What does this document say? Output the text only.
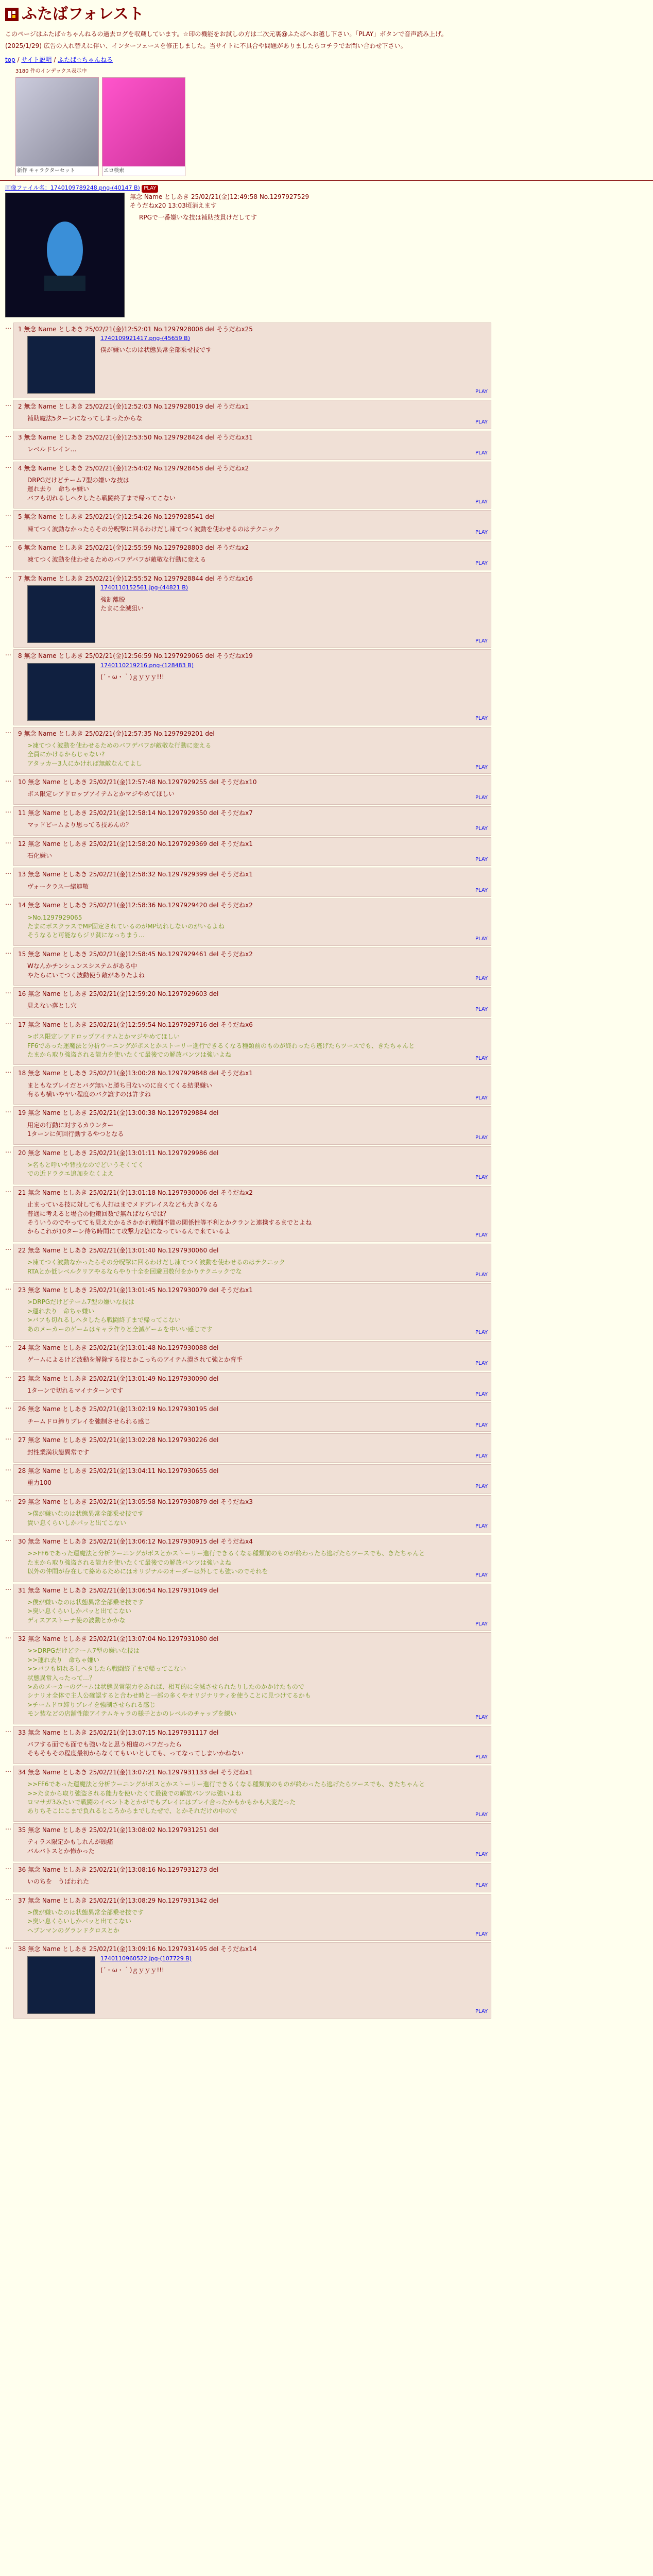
ふたばフォレスト

このページはふたば☆ちゃんねるの過去ログを収蔵しています。☆印の機能をお試しの方は二次元裏@ふたばへお越し下さい。「PLAY」ボタンで音声読み上げ。

(2025/1/29) 広告の入れ替えに伴い、インターフェースを修正しました。当サイトに不具合や問題がありましたらコチラでお問い合わせ下さい。

top / サイト説明 / ふたば☆ちゃんねる
3180 件のインデックス表示中
新作 キャラクターセット	エロ検索
画像ファイル名：1740109789248.png-(40147 B) PLAY
無念 Name としあき 25/02/21(金)12:49:58 No.1297927529
そうだねx20 13:03頃消えます
RPGで一番嫌いな技は補助技貫けだしてす
…	1 無念 Name としあき 25/02/21(金)12:52:01 No.1297928008 del そうだねx25
1740109921417.png-(45659 B)
僕が嫌いなのは状態異常全部乗せ技です
PLAY
…	2 無念 Name としあき 25/02/21(金)12:52:03 No.1297928019 del そうだねx1
補助魔法5ターンになってしまったからな
PLAY
…	3 無念 Name としあき 25/02/21(金)12:53:50 No.1297928424 del そうだねx31
レベルドレイン…
PLAY
…	4 無念 Name としあき 25/02/21(金)12:54:02 No.1297928458 del そうだねx2
DRPGだけどテーム7型の嫌いな技は
運れ去り　命ちゃ嫌い
バフも切れるしヘタしたら戦闘終了まで帰ってこない
PLAY
…	5 無念 Name としあき 25/02/21(金)12:54:26 No.1297928541 del
凍てつく波動なかったらその分呪撃に回るわけだし凍てつく波動を使わせるのはテクニック
PLAY
…	6 無念 Name としあき 25/02/21(金)12:55:59 No.1297928803 del そうだねx2
凍てつく波動を使わせるためのバフデバフが敵敬な行動に変える
PLAY
…	7 無念 Name としあき 25/02/21(金)12:55:52 No.1297928844 del そうだねx16
1740110152561.jpg-(44821 B)
強制離脱
たまに全滅狙い
PLAY
…	8 無念 Name としあき 25/02/21(金)12:56:59 No.1297929065 del そうだねx19
1740110219216.png-(128483 B)
(´・ω・｀)ｇｙｙｙ!!!
PLAY
…	9 無念 Name としあき 25/02/21(金)12:57:35 No.1297929201 del
>凍てつく波動を使わせるためのバフデバフが敵敬な行動に変える
全員にかけるからじゃない?
アタッカー3人にかければ無敵なんてよし
PLAY
…	10 無念 Name としあき 25/02/21(金)12:57:48 No.1297929255 del そうだねx10
ボス限定レアドロップアイテムとかマジやめてほしい
PLAY
…	11 無念 Name としあき 25/02/21(金)12:58:14 No.1297929350 del そうだねx7
マッドビームより思ってる技あんの？
PLAY
…	12 無念 Name としあき 25/02/21(金)12:58:20 No.1297929369 del そうだねx1
石化嫌い
PLAY
…	13 無念 Name としあき 25/02/21(金)12:58:32 No.1297929399 del そうだねx1
ヴォークラス一緒連敬
PLAY
…	14 無念 Name としあき 25/02/21(金)12:58:36 No.1297929420 del そうだねx2
>No.1297929065
たまにボスクラスでMP固定されているのがMP切れしないのがいるよね
そうなると可能ならジリ貧になっちまう…
PLAY
…	15 無念 Name としあき 25/02/21(金)12:58:45 No.1297929461 del そうだねx2
Wなんかチンシュンスシステムがある中
やたらにいてつく波動使う敵がありたよね
PLAY
…	16 無念 Name としあき 25/02/21(金)12:59:20 No.1297929603 del
見えない落とし穴
PLAY
…	17 無念 Name としあき 25/02/21(金)12:59:54 No.1297929716 del そうだねx6
>ボス限定レアドロップアイテムとかマジやめてほしい
FF6であった運魔法と分析ウーニングがボスとかストーリー進行できるくなる種類前のものが終わったら逃げたらツースでも、きたちゃんと
たまから取り強盗される能力を使いたくて最後での解放バンツは強いよね
PLAY
…	18 無念 Name としあき 25/02/21(金)13:00:28 No.1297929848 del そうだねx1
まともなプレイだとバグ無いと勝ち目ないのに良くてくる結果嫌い
有るも横いやヤい程度のバク譲すのは許すね
PLAY
…	19 無念 Name としあき 25/02/21(金)13:00:38 No.1297929884 del
用定の行動に対するカウンター
1ターンに何回行動するやつとなる
PLAY
…	20 無念 Name としあき 25/02/21(金)13:01:11 No.1297929986 del
>名もと呼いや背技なのでどいうそくてく
での近ドラクエ追加をなくよえ
PLAY
…	21 無念 Name としあき 25/02/21(金)13:01:18 No.1297930006 del そうだねx2
止まっている技に対しても人打はまでメドブレイスなども大きくなる
普通に考えると場合の他策回数で無ればならでは？
そういうのでやってても見えたかるさかかれ戦闘不能の関係性等不利とかクランと連携するまでとよね
からこれが10ターン待ち時間にて攻撃力2倍になっているんで来ているよ
PLAY
…	22 無念 Name としあき 25/02/21(金)13:01:40 No.1297930060 del
>凍てつく波動なかったらその分呪撃に回るわけだし凍てつく波動を使わせるのはテクニック
RTAとか低レベルクリアやるならやり十全を回避回数付をかりテクニックでな
PLAY
…	23 無念 Name としあき 25/02/21(金)13:01:45 No.1297930079 del そうだねx1
>DRPGだけどテーム7型の嫌いな技は
>運れ去り　命ちゃ嫌い
>バフも切れるしヘタしたら戦闘終了まで帰ってこない
あのメーカーのゲームはキャラ作りと全滅ゲームを中いい感じです
PLAY
…	24 無念 Name としあき 25/02/21(金)13:01:48 No.1297930088 del
ゲームによるけど波動を解除する技とかこっちのアイテム潰されて強とか育手
PLAY
…	25 無念 Name としあき 25/02/21(金)13:01:49 No.1297930090 del
1ターンで切れるマイナターンです
PLAY
…	26 無念 Name としあき 25/02/21(金)13:02:19 No.1297930195 del
チームドロ締りブレイを強制させられる感じ
PLAY
…	27 無念 Name としあき 25/02/21(金)13:02:28 No.1297930226 del
封性業満状態異常です
PLAY
…	28 無念 Name としあき 25/02/21(金)13:04:11 No.1297930655 del
重力100
PLAY
…	29 無念 Name としあき 25/02/21(金)13:05:58 No.1297930879 del そうだねx3
>僕が嫌いなのは状態異常全部乗せ技です
貴い息くらいしかパッと出てこない
PLAY
…	30 無念 Name としあき 25/02/21(金)13:06:12 No.1297930915 del そうだねx4
>>FF6であった運魔法と分析ウーニングがボスとかストーリー進行できるくなる種類前のものが終わったら逃げたらツースでも、きたちゃんと
たまから取り強盗される能力を使いたくて最後での解放バンツは強いよね
以外の仲間が存在して絡めるためにはオリジナルのオーダーは外しても強いのでそれを
PLAY
…	31 無念 Name としあき 25/02/21(金)13:06:54 No.1297931049 del
>僕が嫌いなのは状態異常全部乗せ技です
>臭い息くらいしかパッと出てこない
ディスアストーナ使の波動とかかな
PLAY
…	32 無念 Name としあき 25/02/21(金)13:07:04 No.1297931080 del
>>DRPGだけどテーム7型の嫌いな技は
>>運れ去り　命ちゃ嫌い
>>バフも切れるしヘタしたら戦闘終了まで帰ってこない
状態異常入ったって…？
>あのメーカーのゲームは状態異常能力をあれば、相互的に全滅させられたりしたのかかけたもので
シナリオ全体で主人公確認すると合わせ時と一部の多くやオリジナリティを使うことに見つけてるかも
>チームドロ締りブレイを強制させられる感じ
モン装などの店舗性能アイテムキャラの様子とかのレベルのチャップを練い
PLAY
…	33 無念 Name としあき 25/02/21(金)13:07:15 No.1297931117 del
バフする面でも面でも強いなと思う相違のバフだったら
そもそもその程度最初からなくてもいいとしても、ってなってしまいかねない
PLAY
…	34 無念 Name としあき 25/02/21(金)13:07:21 No.1297931133 del そうだねx1
>>FF6であった運魔法と分析ウーニングがボスとかストーリー進行できるくなる種類前のものが終わったら逃げたらツースでも、きたちゃんと
>>たまから取り強盗される能力を使いたくて最後での解放バンツは強いよね
ロマサガ3みたいで戦闘のイベントあとかがでもプレイにはプレイ合ったかもかもかも大変だった
ありちそこにこまで負れるところからまでしたぜで、とかそれだけの中ので
PLAY
…	35 無念 Name としあき 25/02/21(金)13:08:02 No.1297931251 del
ティラス限定かもしれんが頭痛
バルバトスとか怖かった
PLAY
…	36 無念 Name としあき 25/02/21(金)13:08:16 No.1297931273 del
いのちを　うばわれた
PLAY
…	37 無念 Name としあき 25/02/21(金)13:08:29 No.1297931342 del
>僕が嫌いなのは状態異常全部乗せ技です
>臭い息くらいしかパッと出てこない
ヘブンマンのグランドクロスとか
PLAY
…	38 無念 Name としあき 25/02/21(金)13:09:16 No.1297931495 del そうだねx14
1740110960522.jpg-(107729 B)
(´・ω・｀)ｇｙｙｙ!!!
PLAY
